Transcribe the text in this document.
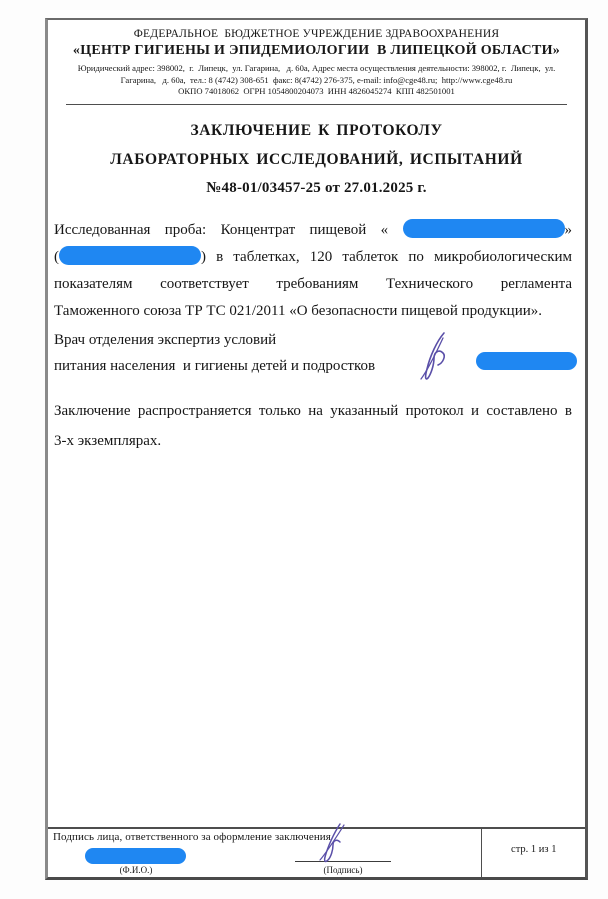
ФЕДЕРАЛЬНОЕ  БЮДЖЕТНОЕ УЧРЕЖДЕНИЕ ЗДРАВООХРАНЕНИЯ
«ЦЕНТР ГИГИЕНЫ И ЭПИДЕМИОЛОГИИ  В ЛИПЕЦКОЙ ОБЛАСТИ»
Юридический адрес: 398002,  г.  Липецк,  ул. Гагарина,   д. 60а, Адрес места осуществления деятельности: 398002, г.  Липецк,  ул.
Гагарина,   д. 60а,  тел.: 8 (4742) 308-651  факс: 8(4742) 276-375, e-mail: info@cge48.ru;  http://www.cge48.ru
ОКПО 74018062  ОГРН 1054800204073  ИНН 4826045274  КПП 482501001
ЗАКЛЮЧЕНИЕ К ПРОТОКОЛУ
ЛАБОРАТОРНЫХ ИССЛЕДОВАНИЙ, ИСПЫТАНИЙ
№48-01/03457-25 от 27.01.2025 г.
Исследованная проба: Концентрат пищевой «	»
(	) в таблетках, 120 таблеток по микробиологическим
показателям соответствует требованиям Технического регламента
Таможенного союза ТР ТС 021/2011 «О безопасности пищевой продукции».
Врач отделения экспертиз условий
питания населения  и гигиены детей и подростков
Заключение распространяется только на указанный протокол и составлено в
3-х экземплярах.
Подпись лица, ответственного за оформление заключения
(Ф.И.О.)	(Подпись)
стр. 1 из 1
